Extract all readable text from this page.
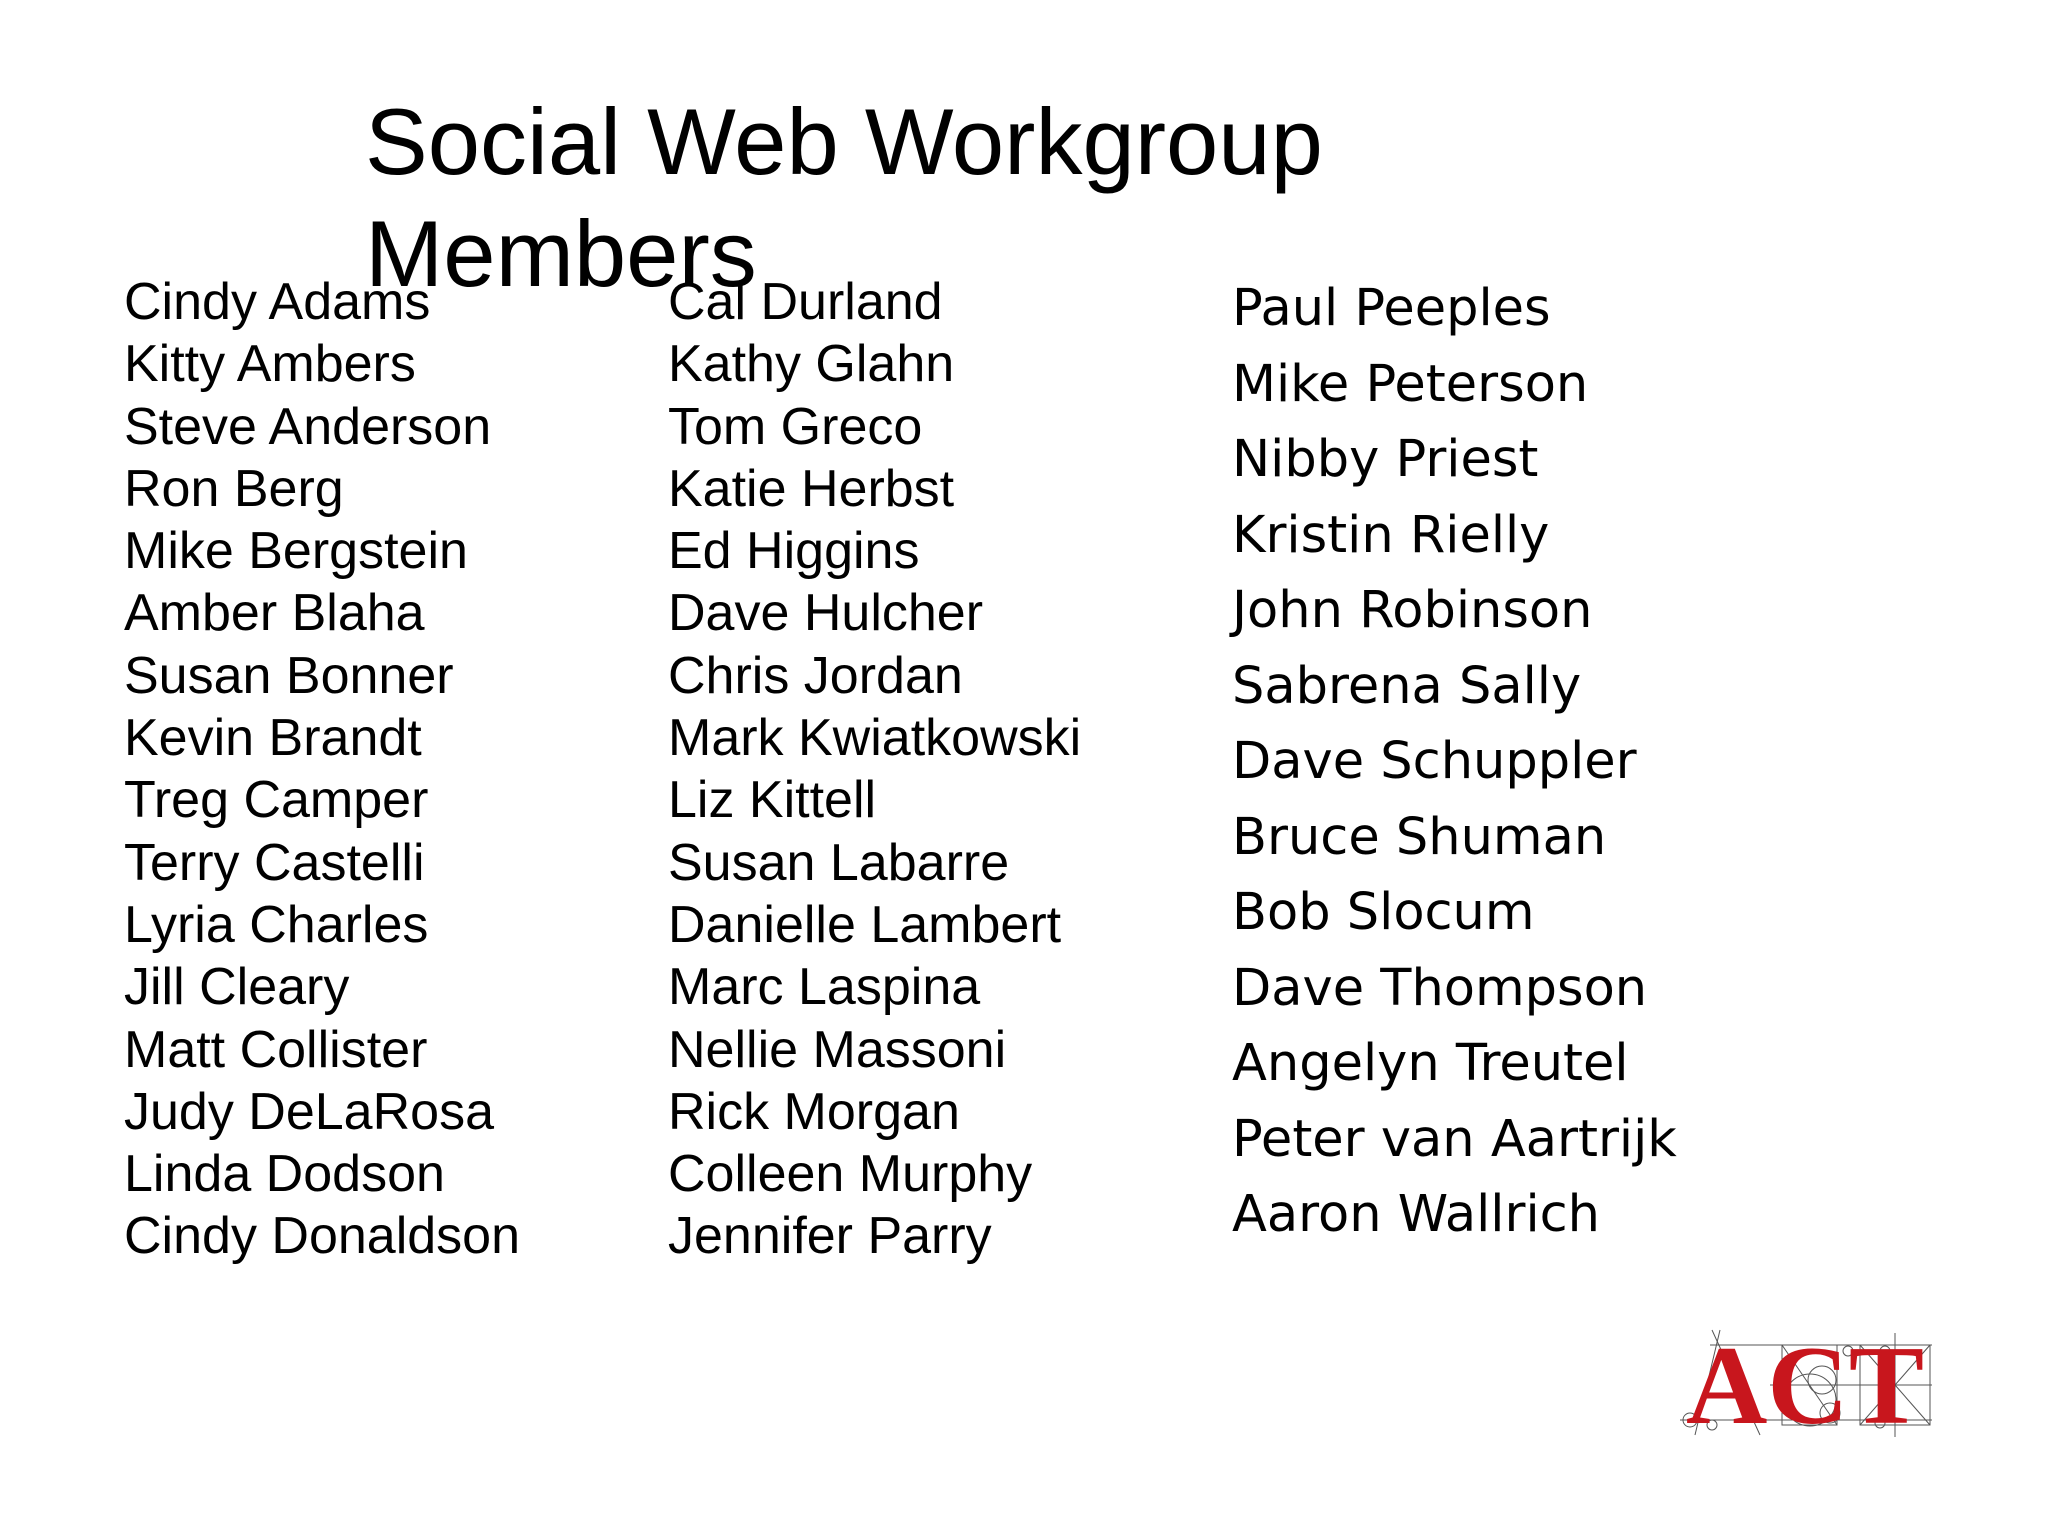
Social Web Workgroup Members
Cindy Adams
Kitty Ambers
Steve Anderson
Ron Berg
Mike Bergstein
Amber Blaha
Susan Bonner
Kevin Brandt
Treg Camper
Terry Castelli
Lyria Charles
Jill Cleary
Matt Collister
Judy DeLaRosa
Linda Dodson
Cindy Donaldson
Cal Durland
Kathy Glahn
Tom Greco
Katie Herbst
Ed Higgins
Dave Hulcher
Chris Jordan
Mark Kwiatkowski
Liz Kittell
Susan Labarre
Danielle Lambert
Marc Laspina
Nellie Massoni
Rick Morgan
Colleen Murphy
Jennifer Parry
Paul Peeples
Mike Peterson
Nibby Priest
Kristin Rielly
John Robinson
Sabrena Sally
Dave Schuppler
Bruce Shuman
Bob Slocum
Dave Thompson
Angelyn Treutel
Peter van Aartrijk
Aaron Wallrich
ACT
